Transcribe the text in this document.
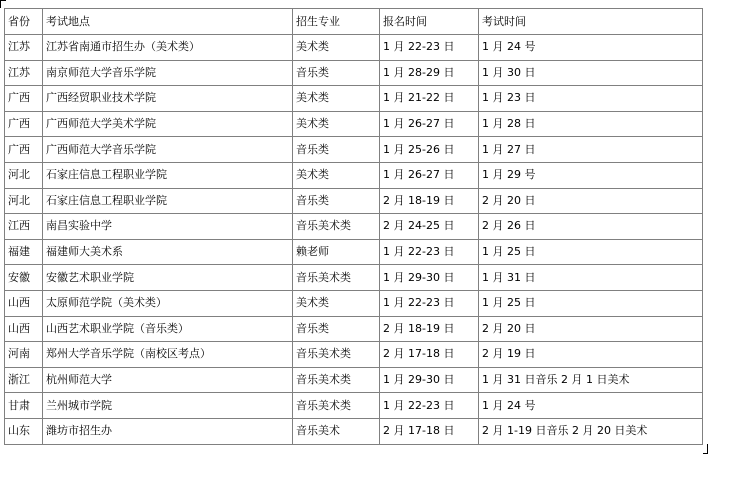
省份	考试地点	招生专业	报名时间	考试时间
江苏	江苏省南通市招生办（美术类）	美术类	1 月 22-23 日	1 月 24 号
江苏	南京师范大学音乐学院	音乐类	1 月 28-29 日	1 月 30 日
广西	广西经贸职业技术学院	美术类	1 月 21-22 日	1 月 23 日
广西	广西师范大学美术学院	美术类	1 月 26-27 日	1 月 28 日
广西	广西师范大学音乐学院	音乐类	1 月 25-26 日	1 月 27 日
河北	石家庄信息工程职业学院	美术类	1 月 26-27 日	1 月 29 号
河北	石家庄信息工程职业学院	音乐类	2 月 18-19 日	2 月 20 日
江西	南昌实验中学	音乐美术类	2 月 24-25 日	2 月 26 日
福建	福建师大美术系	赖老师	1 月 22-23 日	1 月 25 日
安徽	安徽艺术职业学院	音乐美术类	1 月 29-30 日	1 月 31 日
山西	太原师范学院（美术类）	美术类	1 月 22-23 日	1 月 25 日
山西	山西艺术职业学院（音乐类）	音乐类	2 月 18-19 日	2 月 20 日
河南	郑州大学音乐学院（南校区考点）	音乐美术类	2 月 17-18 日	2 月 19 日
浙江	杭州师范大学	音乐美术类	1 月 29-30 日	1 月 31 日音乐 2 月 1 日美术
甘肃	兰州城市学院	音乐美术类	1 月 22-23 日	1 月 24 号
山东	潍坊市招生办	音乐美术	2 月 17-18 日	2 月 1-19 日音乐 2 月 20 日美术
